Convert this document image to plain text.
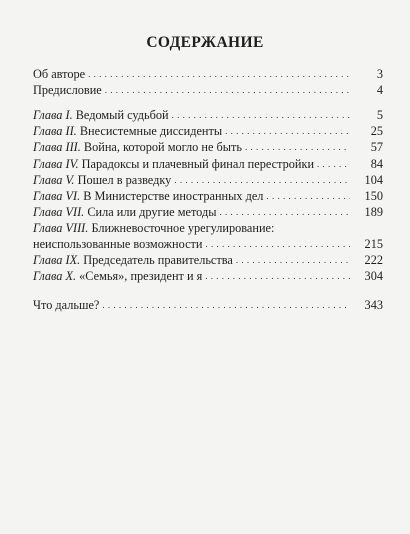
СОДЕРЖАНИЕ
Об авторе . . .	3
Предисловие . . .	4
Глава I. Ведомый судьбой . . .	5
Глава II. Внесистемные диссиденты . . .	25
Глава III. Война, которой могло не быть . . .	57
Глава IV. Парадоксы и плачевный финал перестройки . . .	84
Глава V. Пошел в разведку . . .	104
Глава VI. В Министерстве иностранных дел . . .	150
Глава VII. Сила или другие методы . . .	189
Глава VIII. Ближневосточное урегулирование:
неиспользованные возможности . . .	215
Глава IX. Председатель правительства . . .	222
Глава X. «Семья», президент и я . . .	304
Что дальше? . . .	343
